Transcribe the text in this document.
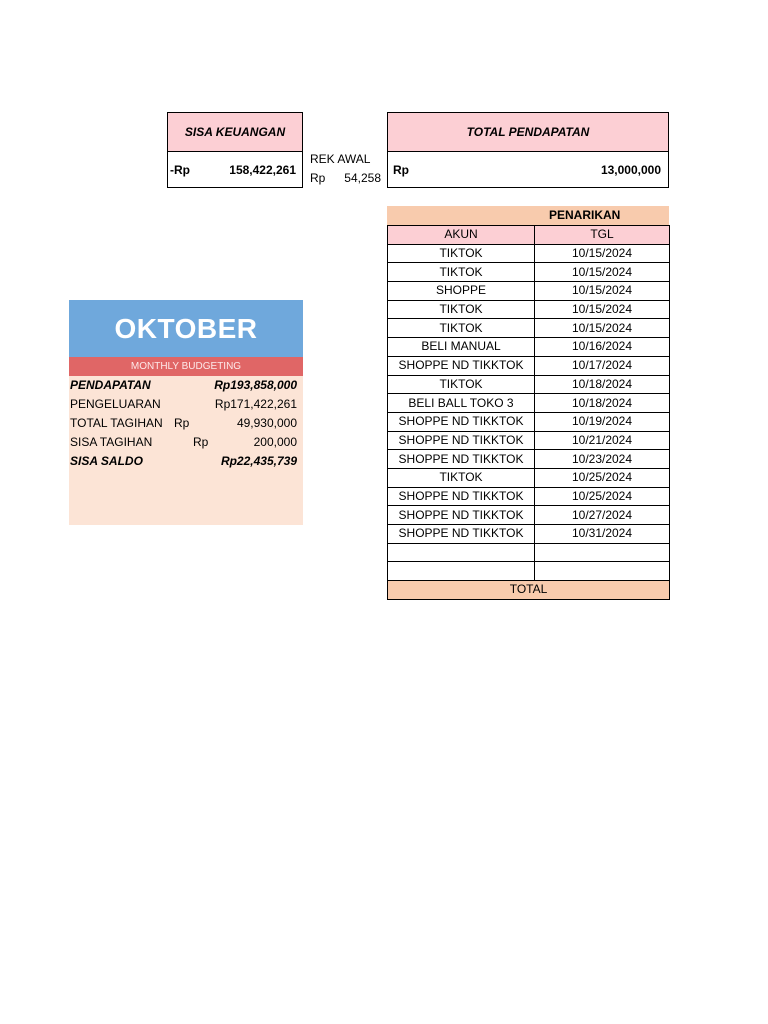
SISA KEUANGAN
-Rp	158,422,261
REK AWAL
Rp	54,258
TOTAL PENDAPATAN
Rp	13,000,000
PENARIKAN
AKUN	TGL
TIKTOK	10/15/2024
TIKTOK	10/15/2024
SHOPPE	10/15/2024
TIKTOK	10/15/2024
TIKTOK	10/15/2024
BELI MANUAL	10/16/2024
SHOPPE ND TIKKTOK	10/17/2024
TIKTOK	10/18/2024
BELI BALL TOKO 3	10/18/2024
SHOPPE ND TIKKTOK	10/19/2024
SHOPPE ND TIKKTOK	10/21/2024
SHOPPE ND TIKKTOK	10/23/2024
TIKTOK	10/25/2024
SHOPPE ND TIKKTOK	10/25/2024
SHOPPE ND TIKKTOK	10/27/2024
SHOPPE ND TIKKTOK	10/31/2024

TOTAL	
OKTOBER
MONTHLY BUDGETING
PENDAPATAN	Rp193,858,000
PENGELUARAN	Rp171,422,261
TOTAL TAGIHAN Rp	49,930,000
SISA TAGIHAN	Rp	200,000
SISA SALDO	Rp22,435,739
